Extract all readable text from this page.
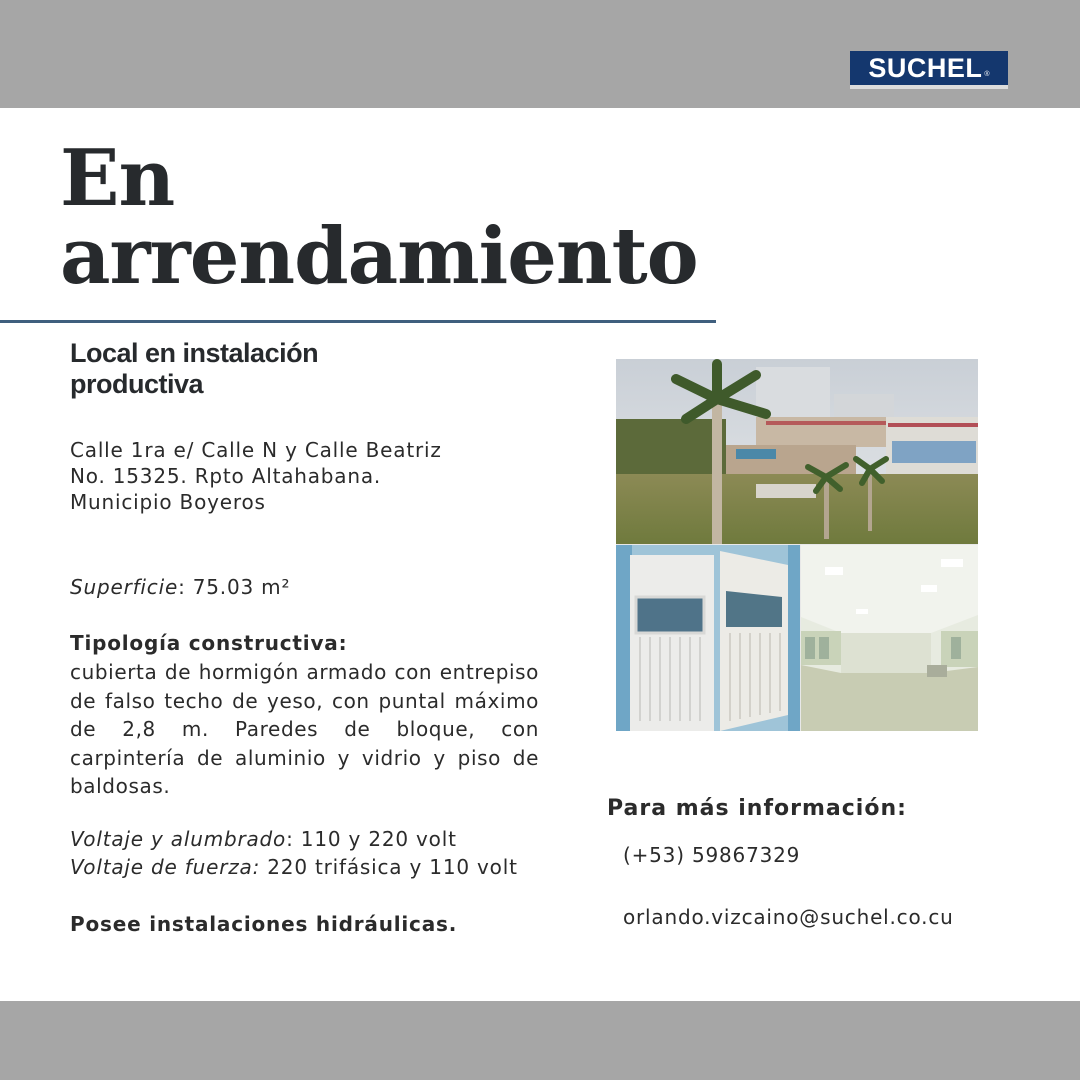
SUCHEL ®
En
arrendamiento
Local en instalación
productiva
Calle 1ra e/ Calle N y Calle Beatriz
No. 15325. Rpto Altahabana.
Municipio Boyeros
Superficie: 75.03 m²
Tipología constructiva:

cubierta de hormigón armado con entrepiso de falso techo de yeso, con puntal máximo de 2,8 m. Paredes de bloque, con carpintería de aluminio y vidrio y piso de baldosas.

Voltaje y alumbrado: 110 y 220 volt
Voltaje de fuerza: 220 trifásica y 110 volt
Posee instalaciones hidráulicas.
Para más información:
(+53) 59867329
orlando.vizcaino@suchel.co.cu
